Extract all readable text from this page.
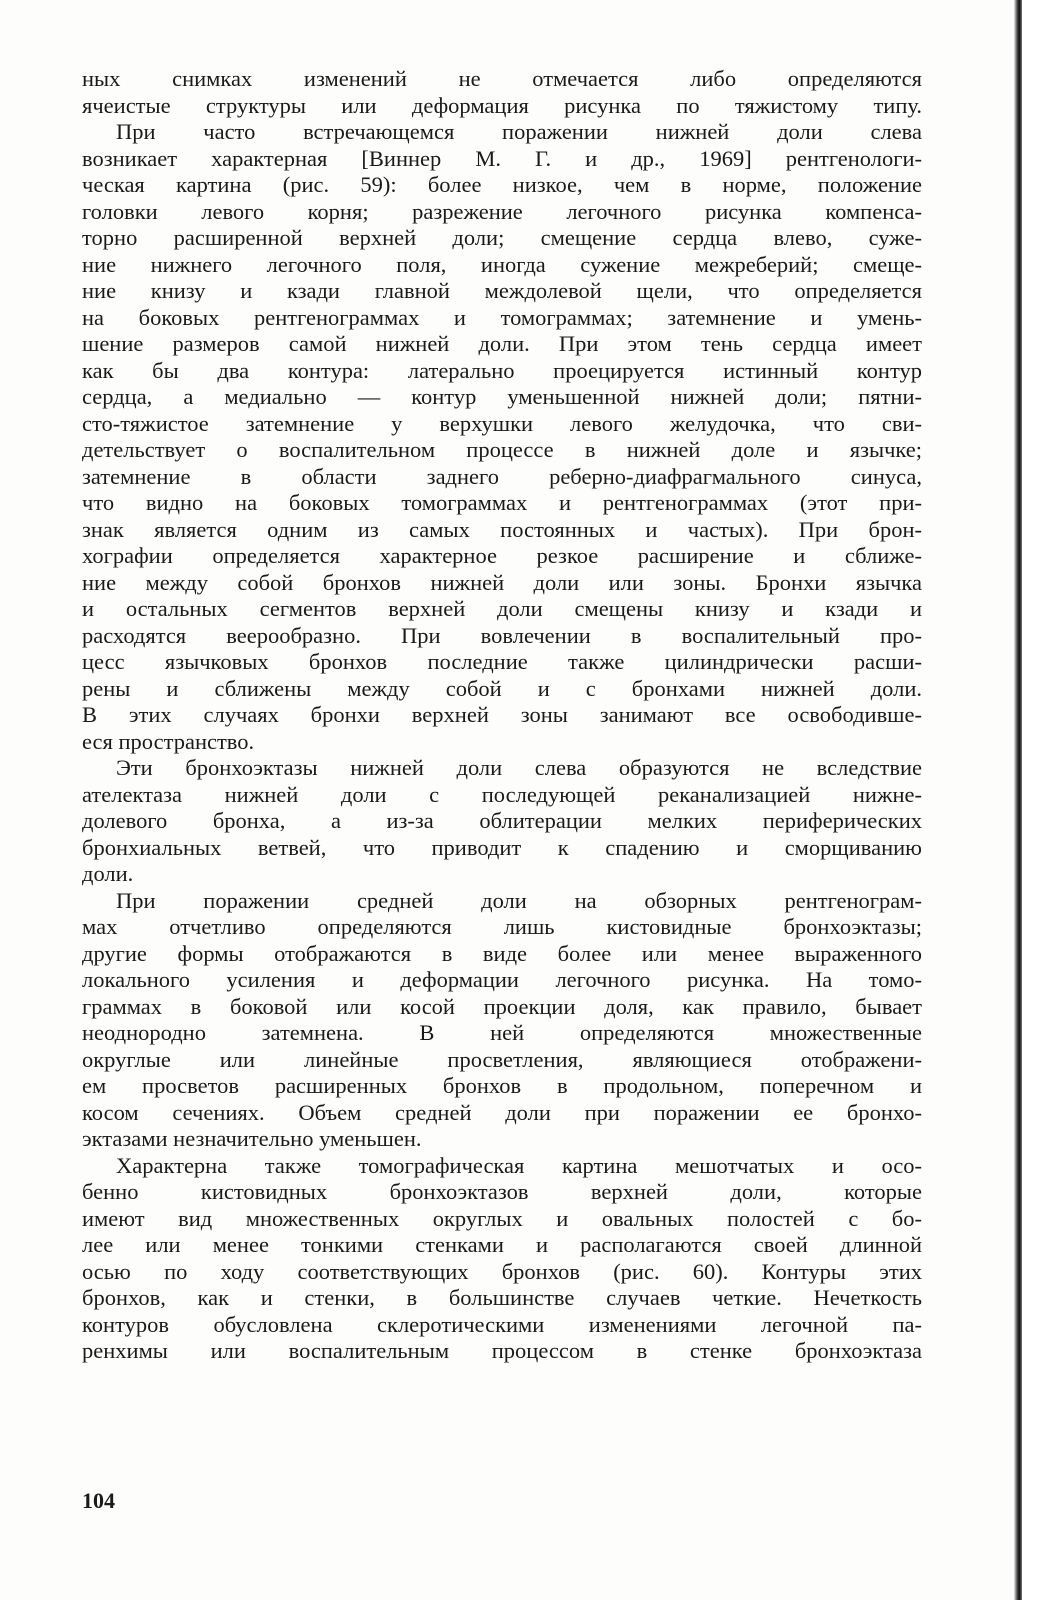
ных снимках изменений не отмечается либо определяются
ячеистые структуры или деформация рисунка по тяжистому типу.
При часто встречающемся поражении нижней доли слева
возникает характерная [Виннер М. Г. и др., 1969] рентгенологи-
ческая картина (рис. 59): более низкое, чем в норме, положение
головки левого корня; разрежение легочного рисунка компенса-
торно расширенной верхней доли; смещение сердца влево, суже-
ние нижнего легочного поля, иногда сужение межреберий; смеще-
ние книзу и кзади главной междолевой щели, что определяется
на боковых рентгенограммах и томограммах; затемнение и умень-
шение размеров самой нижней доли. При этом тень сердца имеет
как бы два контура: латерально проецируется истинный контур
сердца, а медиально — контур уменьшенной нижней доли; пятни-
сто-тяжистое затемнение у верхушки левого желудочка, что сви-
детельствует о воспалительном процессе в нижней доле и язычке;
затемнение в области заднего реберно-диафрагмального синуса,
что видно на боковых томограммах и рентгенограммах (этот при-
знак является одним из самых постоянных и частых). При брон-
хографии определяется характерное резкое расширение и сближе-
ние между собой бронхов нижней доли или зоны. Бронхи язычка
и остальных сегментов верхней доли смещены книзу и кзади и
расходятся веерообразно. При вовлечении в воспалительный про-
цесс язычковых бронхов последние также цилиндрически расши-
рены и сближены между собой и с бронхами нижней доли.
В этих случаях бронхи верхней зоны занимают все освободивше-
еся пространство.
Эти бронхоэктазы нижней доли слева образуются не вследствие
ателектаза нижней доли с последующей реканализацией нижне-
долевого бронха, а из-за облитерации мелких периферических
бронхиальных ветвей, что приводит к спадению и сморщиванию
доли.
При поражении средней доли на обзорных рентгенограм-
мах отчетливо определяются лишь кистовидные бронхоэктазы;
другие формы отображаются в виде более или менее выраженного
локального усиления и деформации легочного рисунка. На томо-
граммах в боковой или косой проекции доля, как правило, бывает
неоднородно затемнена. В ней определяются множественные
округлые или линейные просветления, являющиеся отображени-
ем просветов расширенных бронхов в продольном, поперечном и
косом сечениях. Объем средней доли при поражении ее бронхо-
эктазами незначительно уменьшен.
Характерна также томографическая картина мешотчатых и осо-
бенно кистовидных бронхоэктазов верхней доли, которые
имеют вид множественных округлых и овальных полостей с бо-
лее или менее тонкими стенками и располагаются своей длинной
осью по ходу соответствующих бронхов (рис. 60). Контуры этих
бронхов, как и стенки, в большинстве случаев четкие. Нечеткость
контуров обусловлена склеротическими изменениями легочной па-
ренхимы или воспалительным процессом в стенке бронхоэктаза
104
